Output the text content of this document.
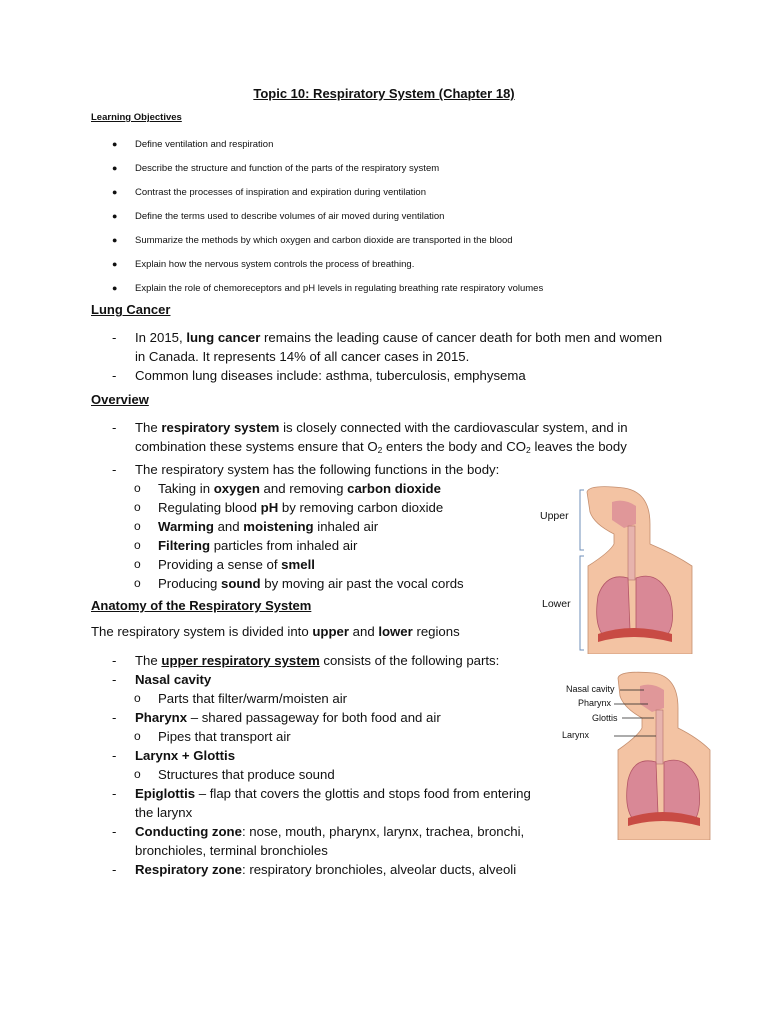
Topic 10: Respiratory System (Chapter 18)
Learning Objectives
●	Define ventilation and respiration
●	Describe the structure and function of the parts of the respiratory system
●	Contrast the processes of inspiration and expiration during ventilation
●	Define the terms used to describe volumes of air moved during ventilation
●	Summarize the methods by which oxygen and carbon dioxide are transported in the blood
●	Explain how the nervous system controls the process of breathing.
●	Explain the role of chemoreceptors and pH levels in regulating breathing rate respiratory volumes
Lung Cancer
- In 2015, lung cancer remains the leading cause of cancer death for both men and women in Canada. It represents 14% of all cancer cases in 2015.
- Common lung diseases include: asthma, tuberculosis, emphysema
Overview
- The respiratory system is closely connected with the cardiovascular system, and in combination these systems ensure that $O_2$ enters the body and $CO_2$ leaves the body
- The respiratory system has the following functions in the body:
o Taking in oxygen and removing carbon dioxide
o Regulating blood pH by removing carbon dioxide
o Warming and moistening inhaled air
o Filtering particles from inhaled air
o Providing a sense of smell
o Producing sound by moving air past the vocal cords
Anatomy of the Respiratory System
The respiratory system is divided into upper and lower regions
- The upper respiratory system consists of the following parts:
- Nasal cavity
o Parts that filter/warm/moisten air
- Pharynx – shared passageway for both food and air
o Pipes that transport air
- Larynx + Glottis
o Structures that produce sound
- Epiglottis – flap that covers the glottis and stops food from entering the larynx
- Conducting zone: nose, mouth, pharynx, larynx, trachea, bronchi, bronchioles, terminal bronchioles
- Respiratory zone: respiratory bronchioles, alveolar ducts, alveoli
Upper
Lower
Nasal cavity
Pharynx
Glottis
Larynx
